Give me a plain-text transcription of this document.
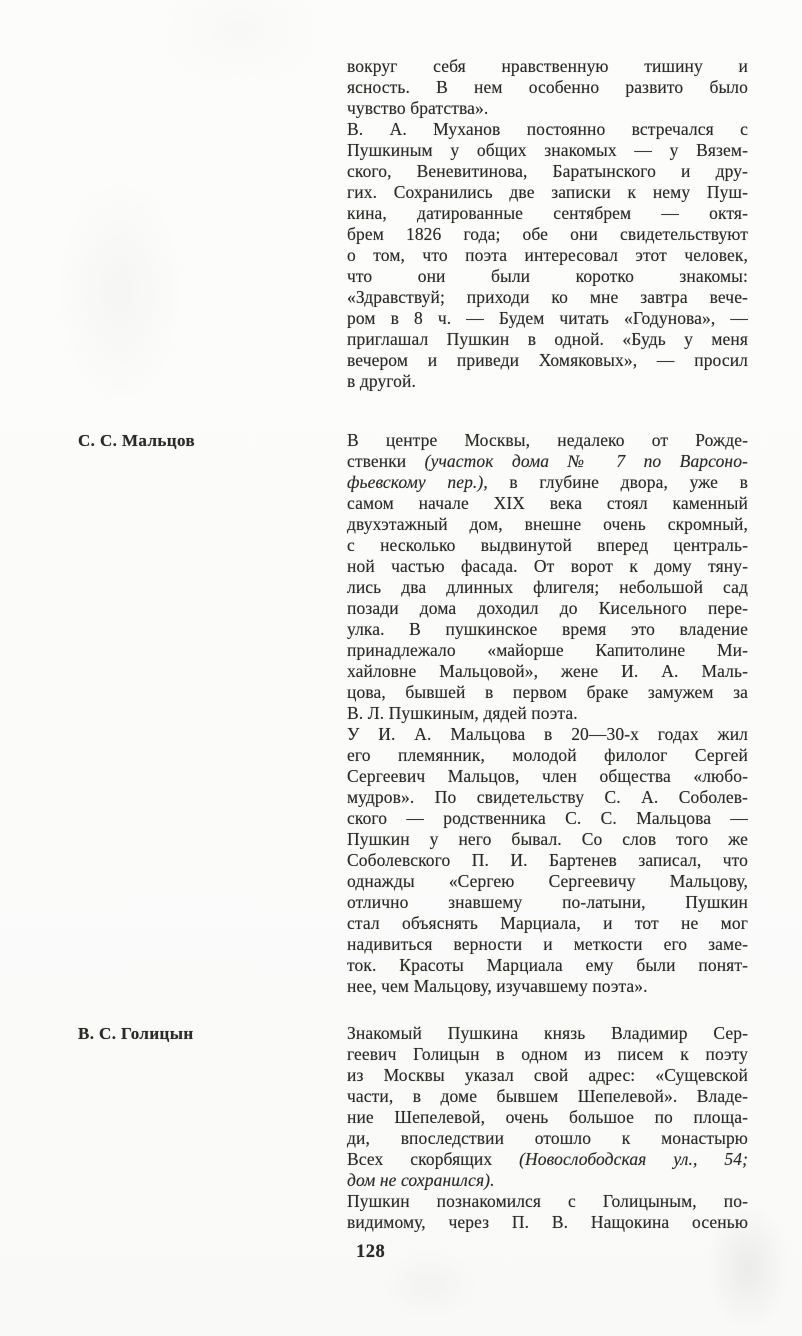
С. С. Мальцов
В. С. Голицын
вокруг себя нравственную тишину и
ясность. В нем особенно развито было
чувство братства».
В. А. Муханов постоянно встречался с
Пушкиным у общих знакомых — у Вязем-
ского, Веневитинова, Баратынского и дру-
гих. Сохранились две записки к нему Пуш-
кина, датированные сентябрем — октя-
брем 1826 года; обе они свидетельствуют
о том, что поэта интересовал этот человек,
что они были коротко знакомы:
«Здравствуй; приходи ко мне завтра вече-
ром в 8 ч. — Будем читать «Годунова», —
приглашал Пушкин в одной. «Будь у меня
вечером и приведи Хомяковых», — просил
в другой.
В центре Москвы, недалеко от Рожде-
ственки (участок дома № 7 по Варсоно-
фьевскому пер.), в глубине двора, уже в
самом начале XIX века стоял каменный
двухэтажный дом, внешне очень скромный,
с несколько выдвинутой вперед централь-
ной частью фасада. От ворот к дому тяну-
лись два длинных флигеля; небольшой сад
позади дома доходил до Кисельного пере-
улка. В пушкинское время это владение
принадлежало «майорше Капитолине Ми-
хайловне Мальцовой», жене И. А. Маль-
цова, бывшей в первом браке замужем за
В. Л. Пушкиным, дядей поэта.
У И. А. Мальцова в 20—30-х годах жил
его племянник, молодой филолог Сергей
Сергеевич Мальцов, член общества «любо-
мудров». По свидетельству С. А. Соболев-
ского — родственника С. С. Мальцова —
Пушкин у него бывал. Со слов того же
Соболевского П. И. Бартенев записал, что
однажды «Сергею Сергеевичу Мальцову,
отлично знавшему по-латыни, Пушкин
стал объяснять Марциала, и тот не мог
надивиться верности и меткости его заме-
ток. Красоты Марциала ему были понят-
нее, чем Мальцову, изучавшему поэта».
Знакомый Пушкина князь Владимир Сер-
геевич Голицын в одном из писем к поэту
из Москвы указал свой адрес: «Сущевской
части, в доме бывшем Шепелевой». Владе-
ние Шепелевой, очень большое по площа-
ди, впоследствии отошло к монастырю
Всех скорбящих (Новослободская ул., 54;
дом не сохранился).
Пушкин познакомился с Голицыным, по-
видимому, через П. В. Нащокина осенью
128
